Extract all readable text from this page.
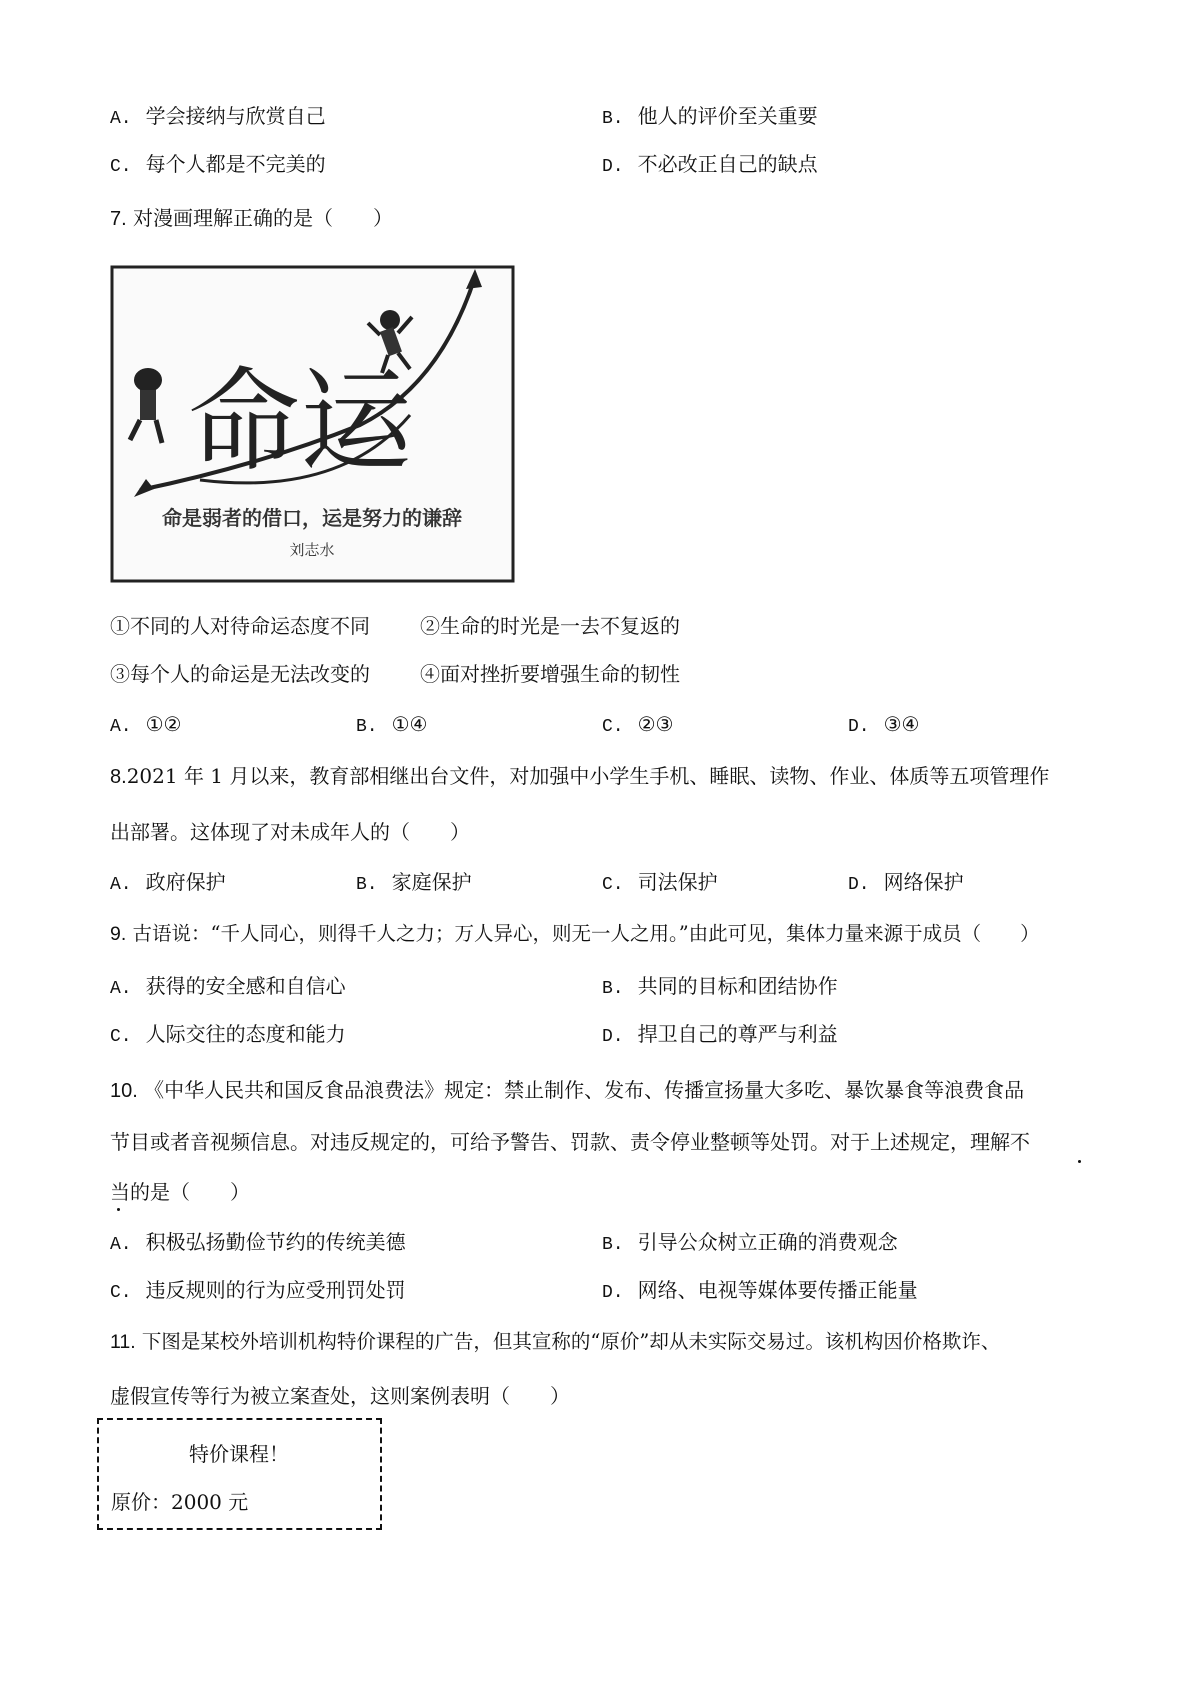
A. 学会接纳与欣赏自己	B. 他人的评价至关重要
C. 每个人都是不完美的	D. 不必改正自己的缺点
7. 对漫画理解正确的是（　　）
命运
命是弱者的借口，运是努力的谦辞
刘志水
①不同的人对待命运态度不同	②生命的时光是一去不复返的
③每个人的命运是无法改变的	④面对挫折要增强生命的韧性
A. ①②	B. ①④	C. ②③	D. ③④
8.2021 年 1 月以来，教育部相继出台文件，对加强中小学生手机、睡眠、读物、作业、体质等五项管理作
出部署。这体现了对未成年人的（　　）
A. 政府保护	B. 家庭保护	C. 司法保护	D. 网络保护
9. 古语说：“千人同心，则得千人之力；万人异心，则无一人之用。”由此可见，集体力量来源于成员（　　）
A. 获得的安全感和自信心	B. 共同的目标和团结协作
C. 人际交往的态度和能力	D. 捍卫自己的尊严与利益
10. 《中华人民共和国反食品浪费法》规定：禁止制作、发布、传播宣扬量大多吃、暴饮暴食等浪费食品
节目或者音视频信息。对违反规定的，可给予警告、罚款、责令停业整顿等处罚。对于上述规定，理解不
当的是（　　）
A. 积极弘扬勤俭节约的传统美德	B. 引导公众树立正确的消费观念
C. 违反规则的行为应受刑罚处罚	D. 网络、电视等媒体要传播正能量
11. 下图是某校外培训机构特价课程的广告，但其宣称的“原价”却从未实际交易过。该机构因价格欺诈、
虚假宣传等行为被立案查处，这则案例表明（　　）
特价课程！
原价：2000 元
